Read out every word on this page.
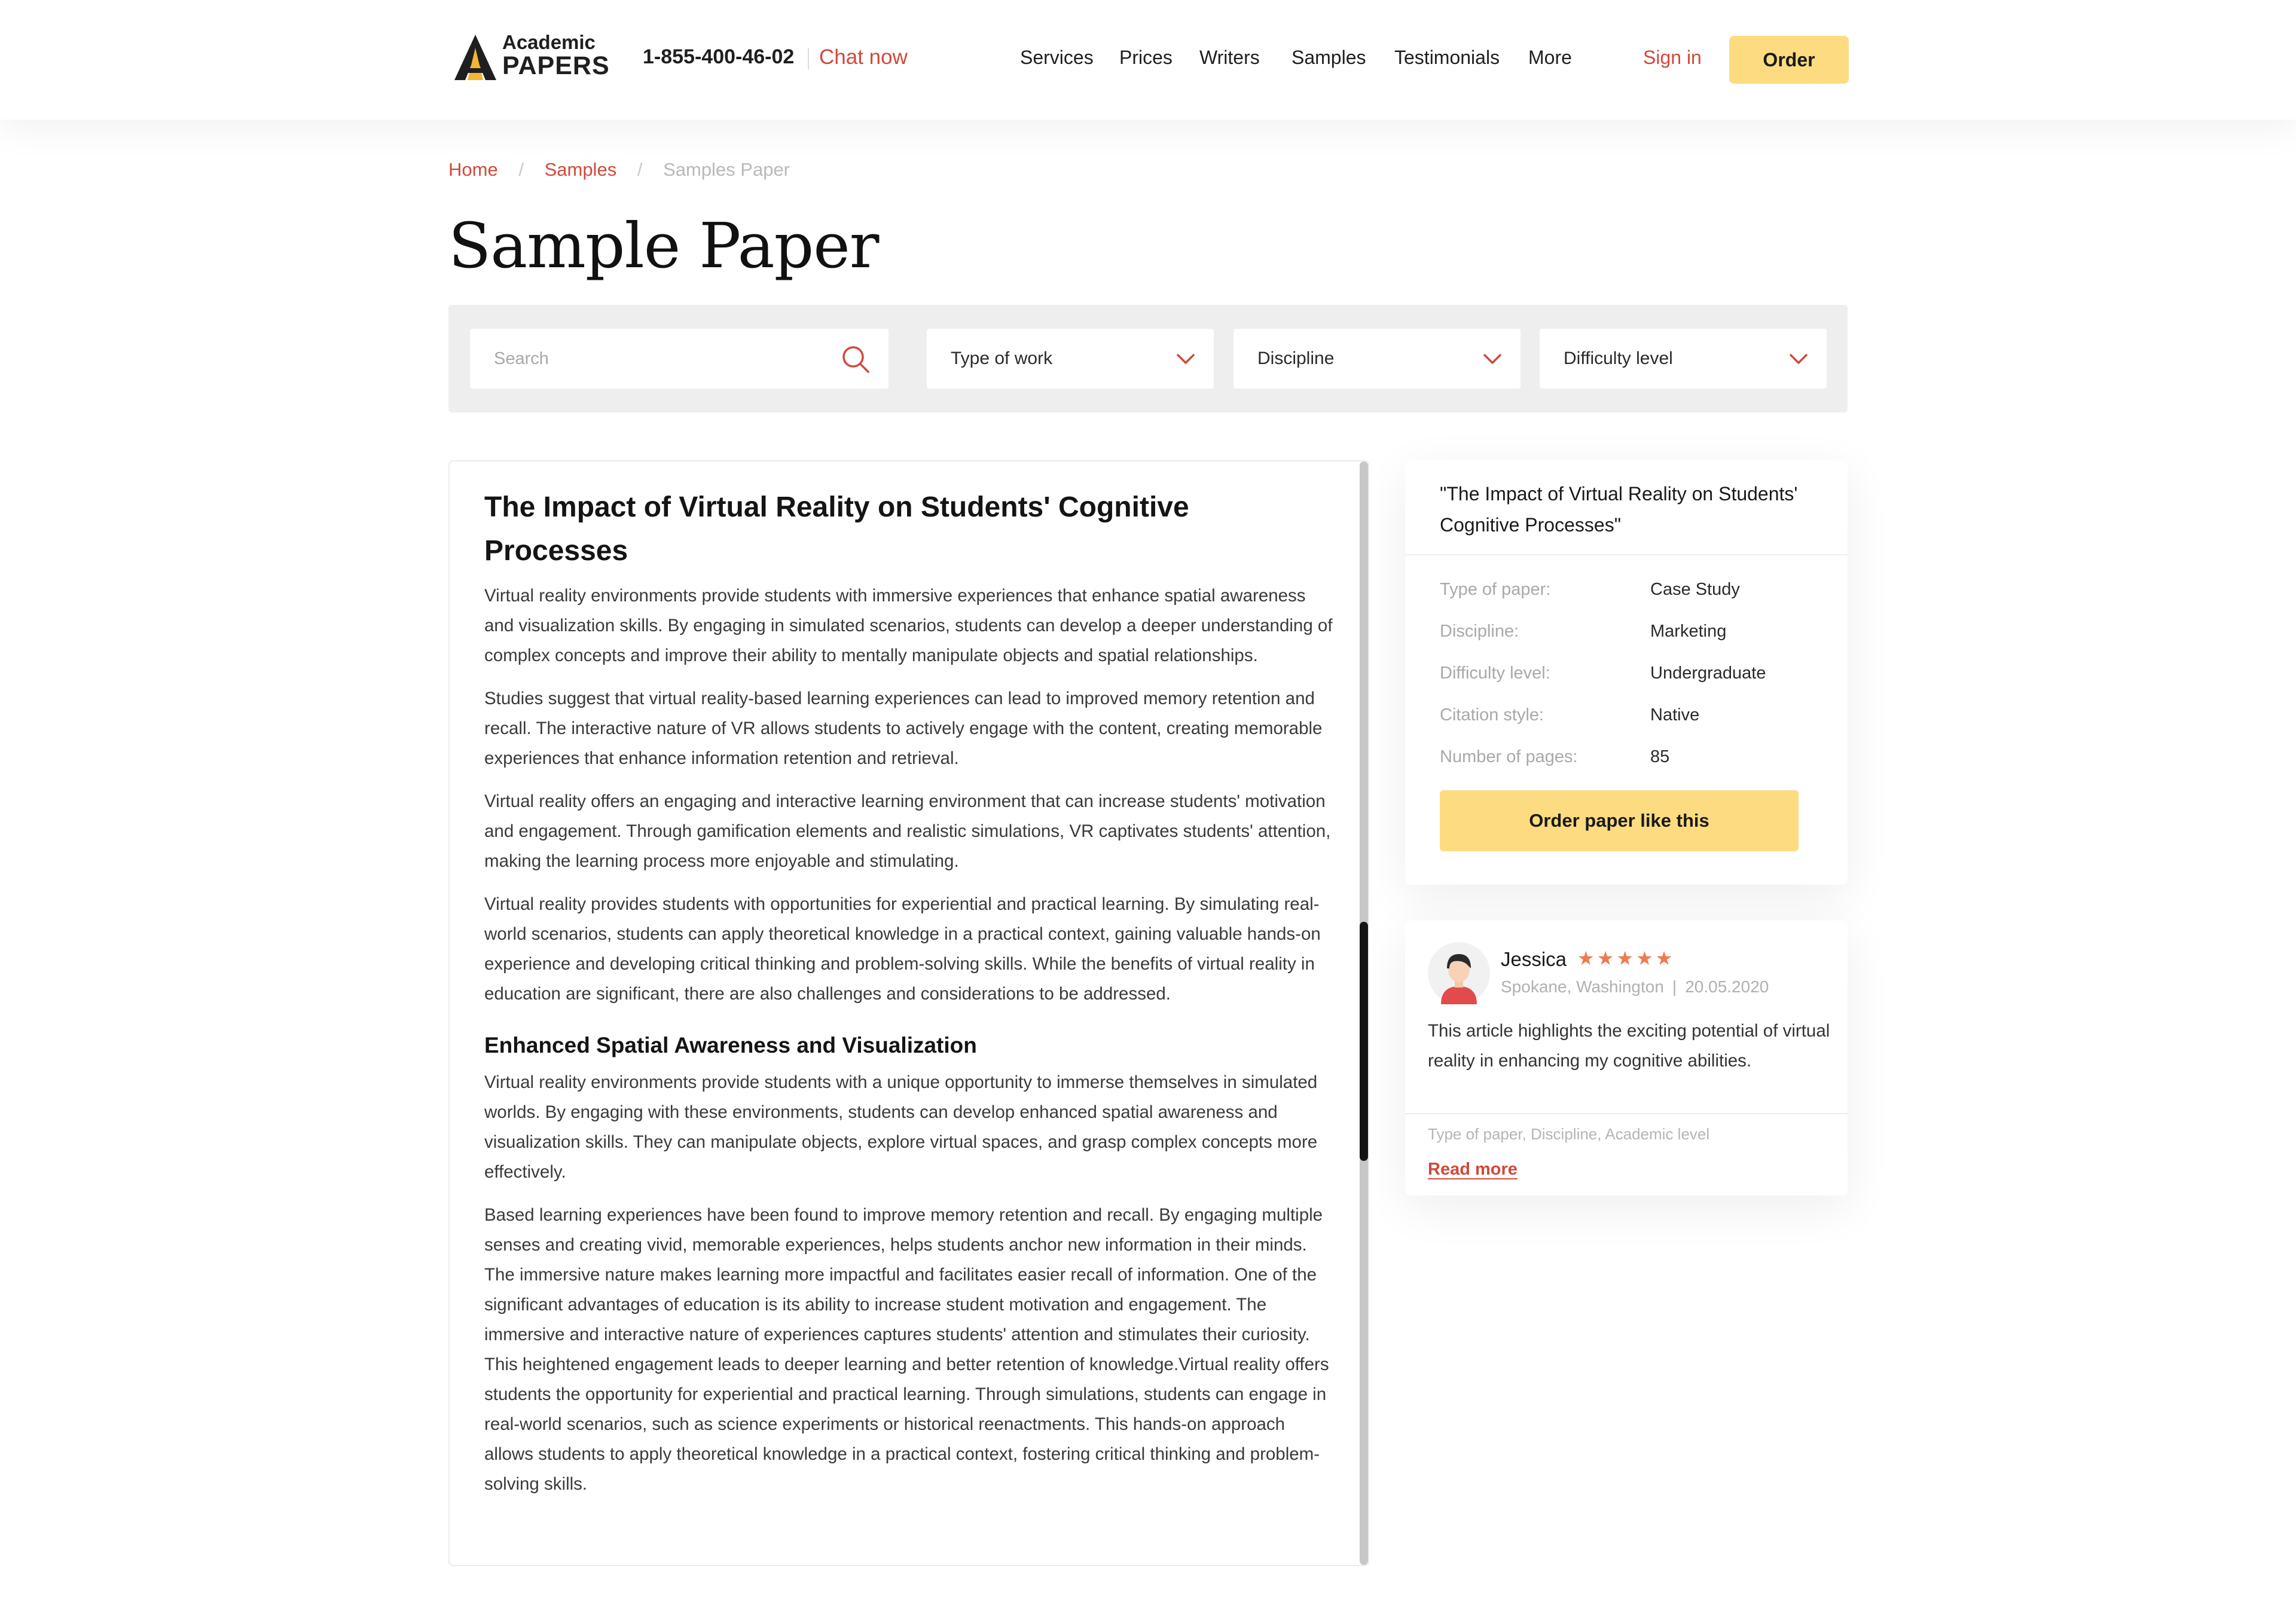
Academic
PAPERS 1-855-400-46-02 Chat now	Services Prices Writers Samples Testimonials More	Sign in	Order
Home / Samples / Samples Paper
Sample Paper
Search
Type of work	Discipline	Difficulty level
The Impact of Virtual Reality on Students' Cognitive Processes

Virtual reality environments provide students with immersive experiences that enhance spatial awareness and visualization skills. By engaging in simulated scenarios, students can develop a deeper understanding of complex concepts and improve their ability to mentally manipulate objects and spatial relationships.

Studies suggest that virtual reality-based learning experiences can lead to improved memory retention and recall. The interactive nature of VR allows students to actively engage with the content, creating memorable experiences that enhance information retention and retrieval.

Virtual reality offers an engaging and interactive learning environment that can increase students' motivation and engagement. Through gamification elements and realistic simulations, VR captivates students' attention, making the learning process more enjoyable and stimulating.

Virtual reality provides students with opportunities for experiential and practical learning. By simulating real-world scenarios, students can apply theoretical knowledge in a practical context, gaining valuable hands-on experience and developing critical thinking and problem-solving skills. While the benefits of virtual reality in education are significant, there are also challenges and considerations to be addressed.

Enhanced Spatial Awareness and Visualization

Virtual reality environments provide students with a unique opportunity to immerse themselves in simulated worlds. By engaging with these environments, students can develop enhanced spatial awareness and visualization skills. They can manipulate objects, explore virtual spaces, and grasp complex concepts more effectively.

Based learning experiences have been found to improve memory retention and recall. By engaging multiple senses and creating vivid, memorable experiences, helps students anchor new information in their minds. The immersive nature makes learning more impactful and facilitates easier recall of information. One of the significant advantages of education is its ability to increase student motivation and engagement. The immersive and interactive nature of experiences captures students' attention and stimulates their curiosity. This heightened engagement leads to deeper learning and better retention of knowledge.Virtual reality offers students the opportunity for experiential and practical learning. Through simulations, students can engage in real-world scenarios, such as science experiments or historical reenactments. This hands-on approach allows students to apply theoretical knowledge in a practical context, fostering critical thinking and problem-solving skills.

"The Impact of Virtual Reality on Students' Cognitive Processes"
Type of paper:	Case Study
Discipline:	Marketing
Difficulty level:	Undergraduate
Citation style:	Native
Number of pages:	85
Order paper like this
Jessica ★★★★★
Spokane, Washington | 20.05.2020

This article highlights the exciting potential of virtual reality in enhancing my cognitive abilities.

Type of paper, Discipline, Academic level
Read more
